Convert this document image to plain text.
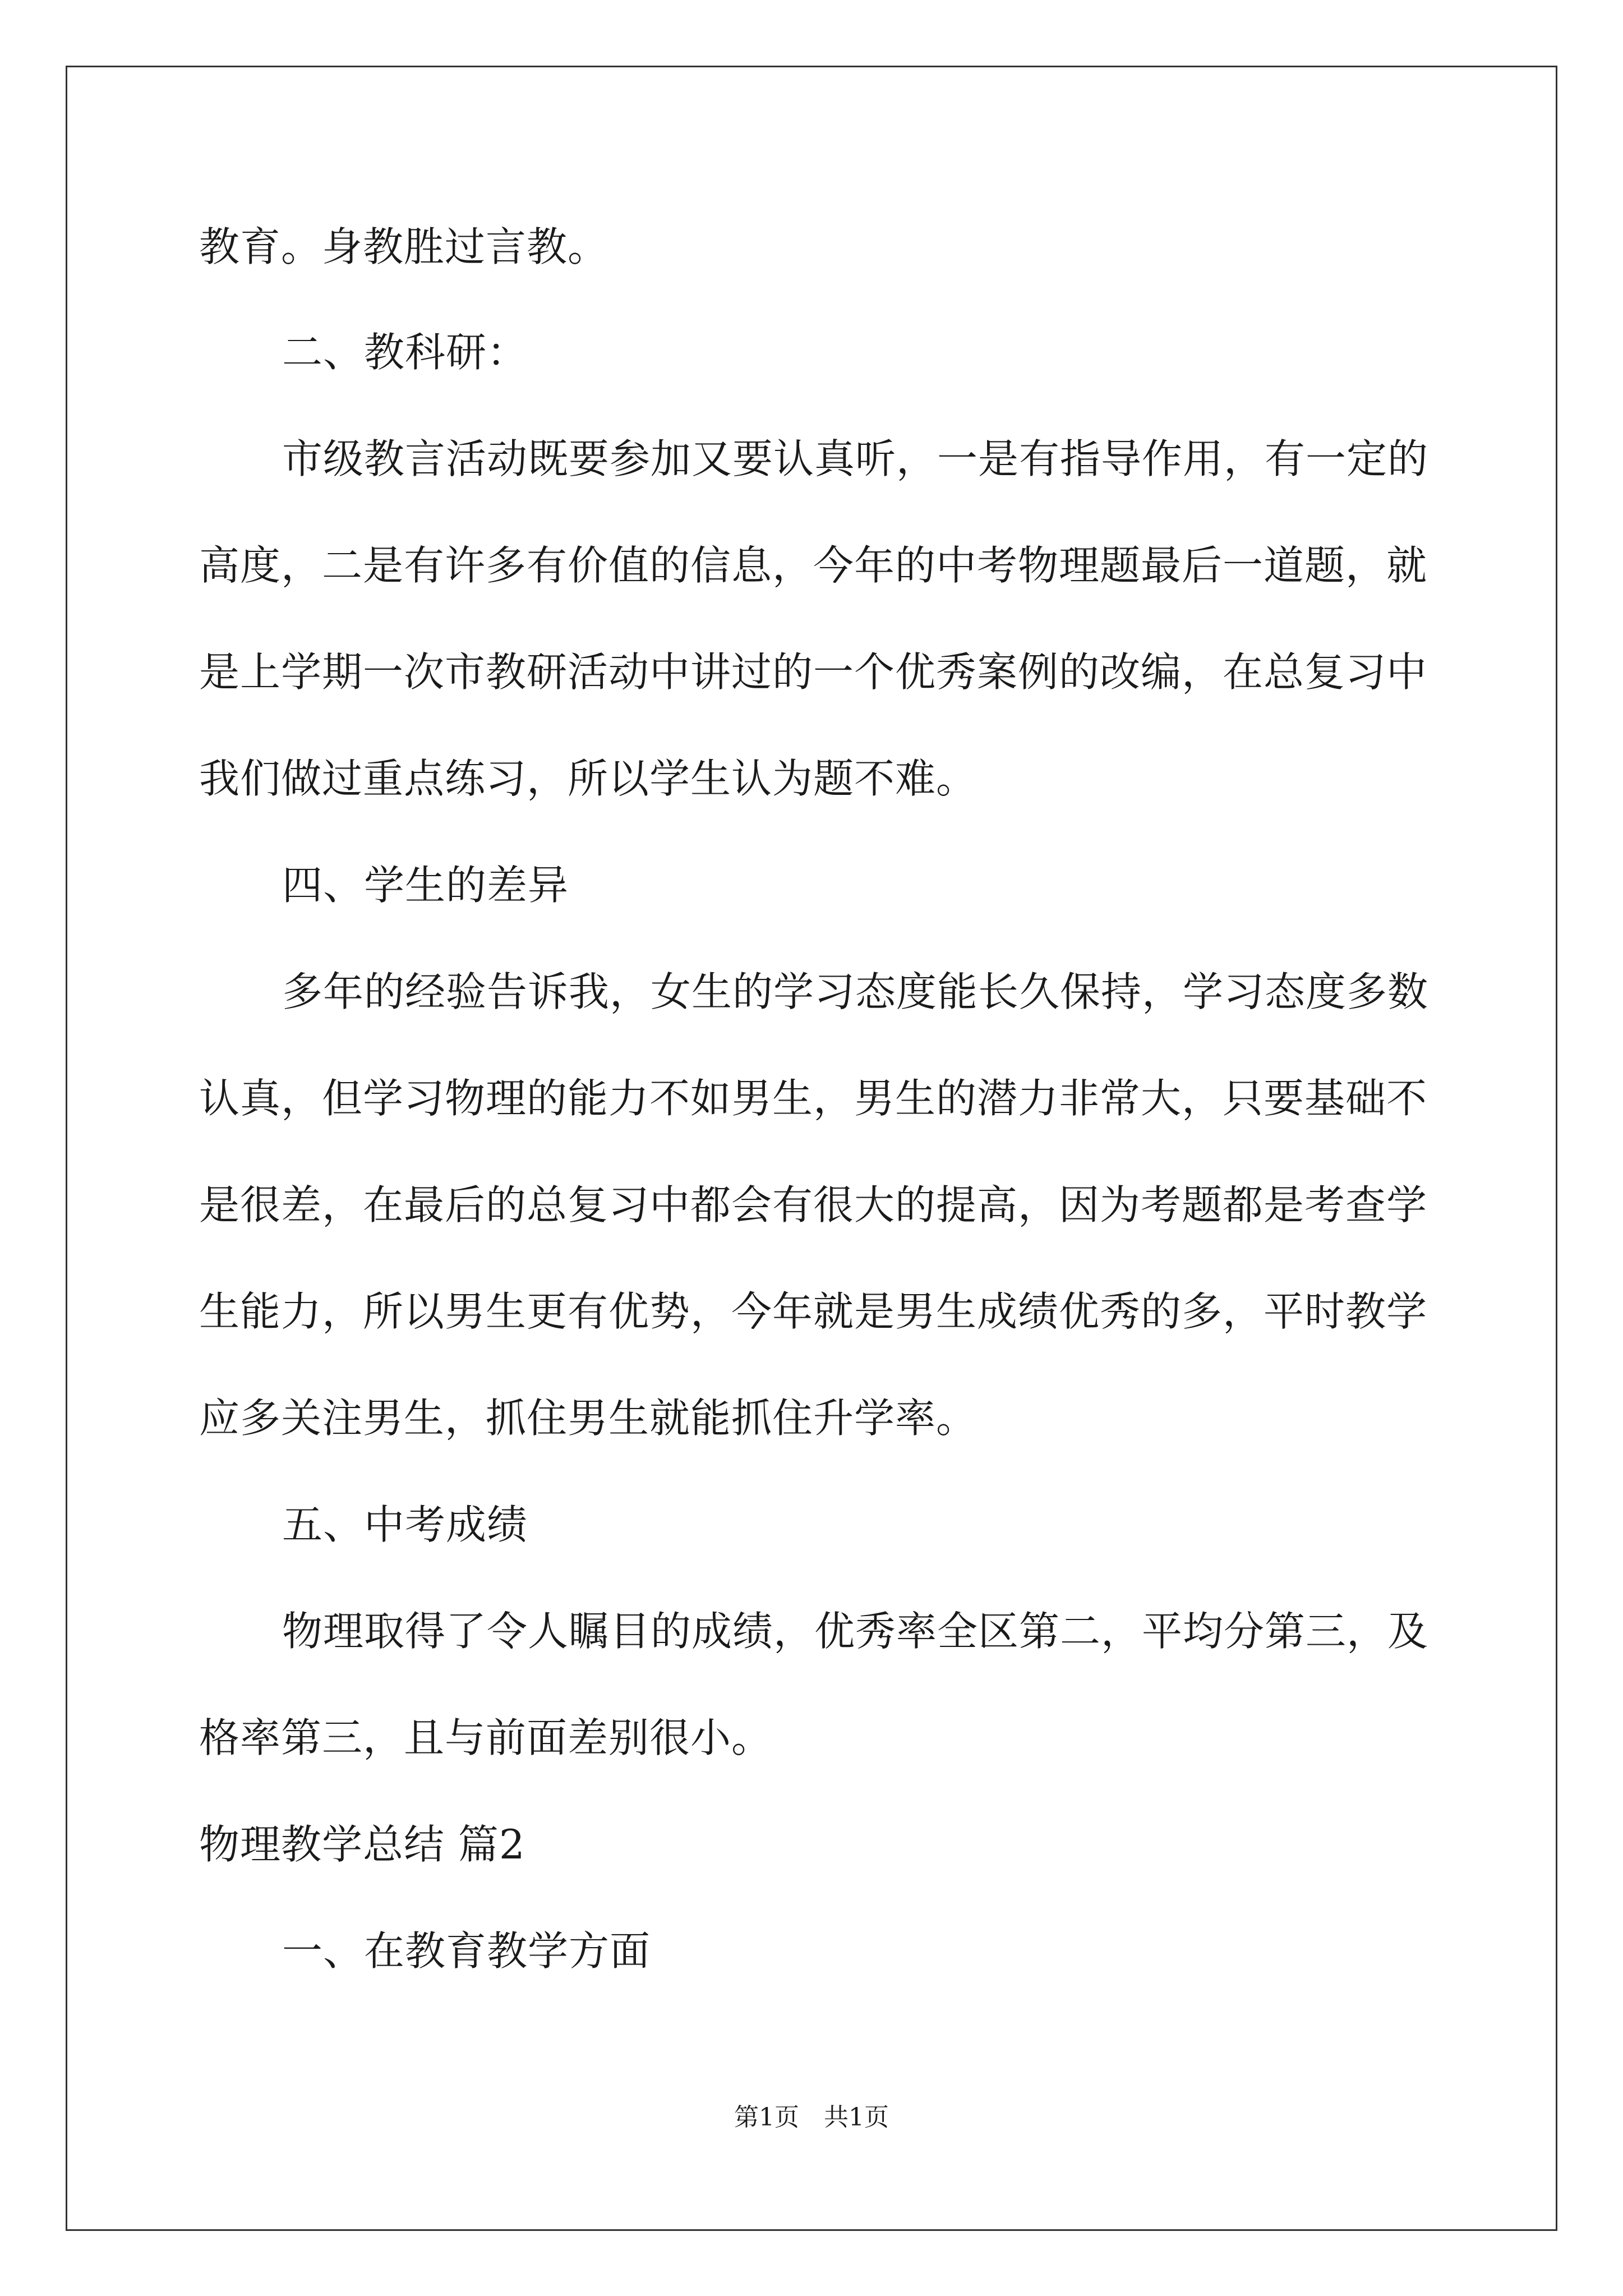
教育。身教胜过言教。
二、教科研：
市级教言活动既要参加又要认真听，一是有指导作用，有一定的
高度，二是有许多有价值的信息，今年的中考物理题最后一道题，就
是上学期一次市教研活动中讲过的一个优秀案例的改编，在总复习中
我们做过重点练习，所以学生认为题不难。
四、学生的差异
多年的经验告诉我，女生的学习态度能长久保持，学习态度多数
认真，但学习物理的能力不如男生，男生的潜力非常大，只要基础不
是很差，在最后的总复习中都会有很大的提高，因为考题都是考查学
生能力，所以男生更有优势，今年就是男生成绩优秀的多，平时教学
应多关注男生，抓住男生就能抓住升学率。
五、中考成绩
物理取得了令人瞩目的成绩，优秀率全区第二，平均分第三，及
格率第三，且与前面差别很小。
物理教学总结 篇2
一、在教育教学方面
第1页　共1页
